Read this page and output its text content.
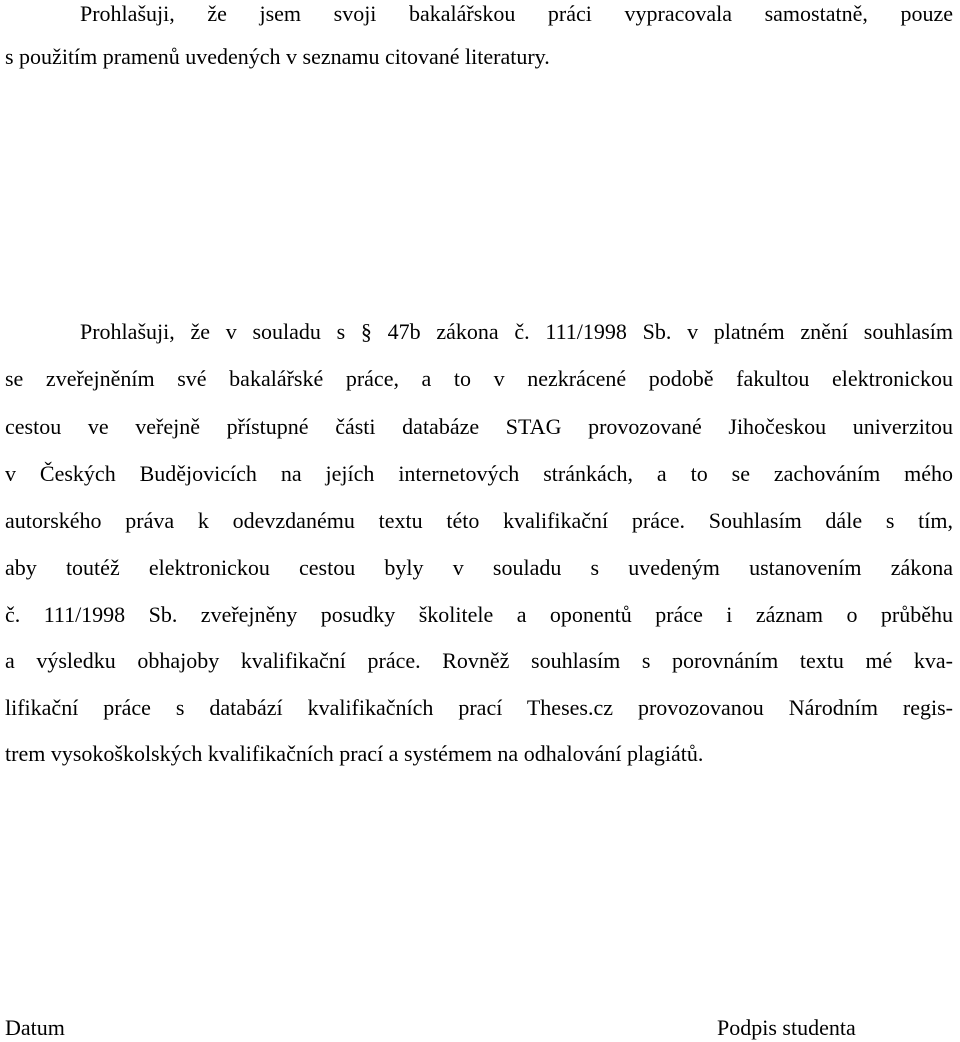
Prohlašuji, že jsem svoji bakalářskou práci vypracovala samostatně, pouze
s použitím pramenů uvedených v seznamu citované literatury.
Prohlašuji, že v souladu s § 47b zákona č. 111/1998 Sb. v platném znění souhlasím
se zveřejněním své bakalářské práce, a to v nezkrácené podobě fakultou elektronickou
cestou ve veřejně přístupné části databáze STAG provozované Jihočeskou univerzitou
v Českých Budějovicích na jejích internetových stránkách, a to se zachováním mého
autorského práva k odevzdanému textu této kvalifikační práce. Souhlasím dále s tím,
aby toutéž elektronickou cestou byly v souladu s uvedeným ustanovením zákona
č. 111/1998 Sb. zveřejněny posudky školitele a oponentů práce i záznam o průběhu
a výsledku obhajoby kvalifikační práce. Rovněž souhlasím s porovnáním textu mé kva-
lifikační práce s databází kvalifikačních prací Theses.cz provozovanou Národním regis-
trem vysokoškolských kvalifikačních prací a systémem na odhalování plagiátů.
Datum	Podpis studenta
